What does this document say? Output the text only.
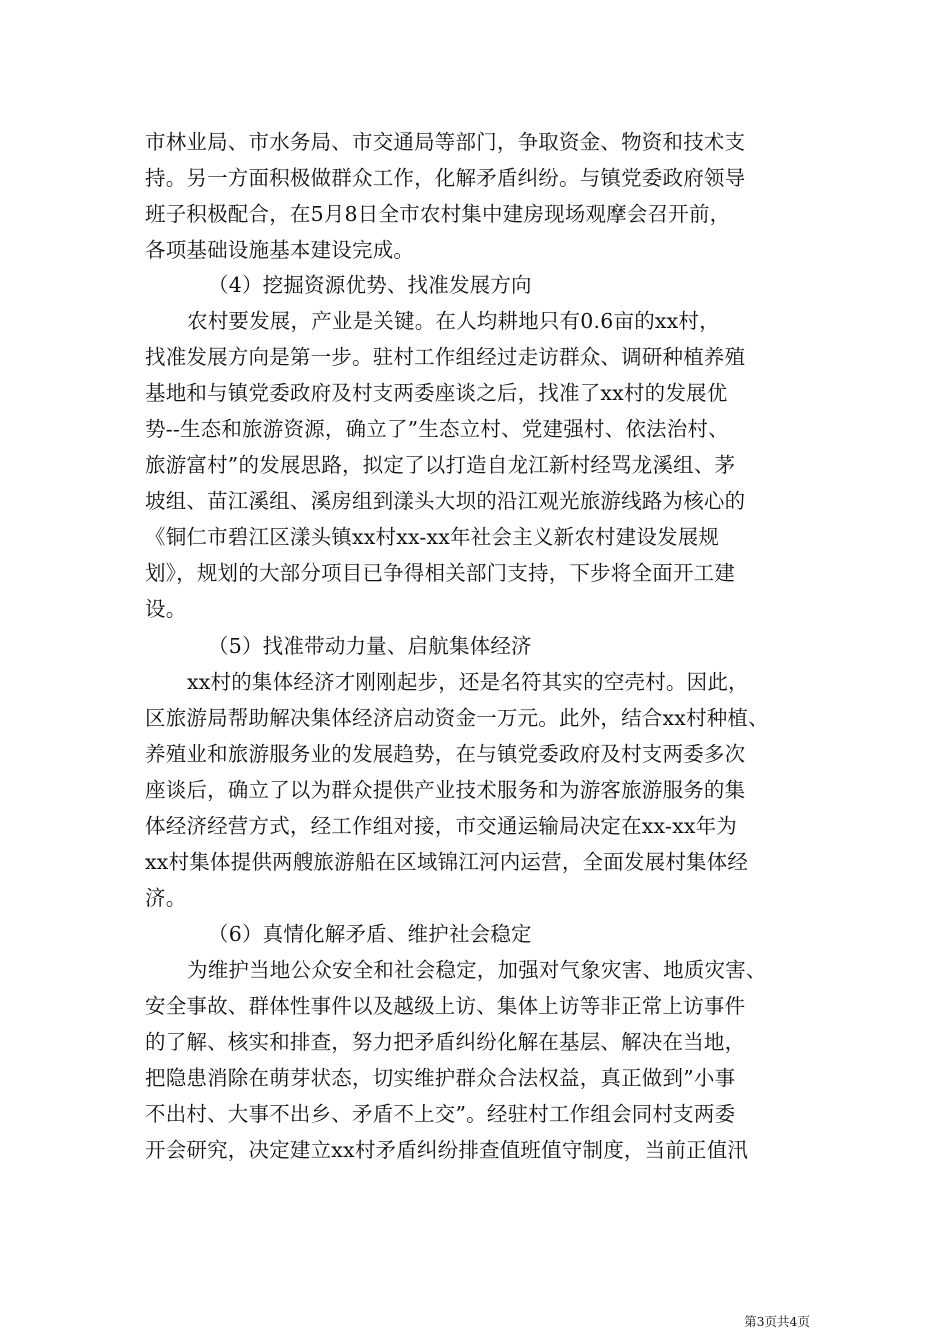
市林业局、市水务局、市交通局等部门，争取资金、物资和技术支
持。另一方面积极做群众工作，化解矛盾纠纷。与镇党委政府领导
班子积极配合，在5月8日全市农村集中建房现场观摩会召开前，
各项基础设施基本建设完成。
（4）挖掘资源优势、找准发展方向
农村要发展，产业是关键。在人均耕地只有0.6亩的xx村，
找准发展方向是第一步。驻村工作组经过走访群众、调研种植养殖
基地和与镇党委政府及村支两委座谈之后，找准了xx村的发展优
势--生态和旅游资源，确立了”生态立村、党建强村、依法治村、
旅游富村”的发展思路，拟定了以打造自龙江新村经骂龙溪组、茅
坡组、苗江溪组、溪房组到漾头大坝的沿江观光旅游线路为核心的
《铜仁市碧江区漾头镇xx村xx-xx年社会主义新农村建设发展规
划》，规划的大部分项目已争得相关部门支持，下步将全面开工建
设。
（5）找准带动力量、启航集体经济
xx村的集体经济才刚刚起步，还是名符其实的空壳村。因此，
区旅游局帮助解决集体经济启动资金一万元。此外，结合xx村种植、
养殖业和旅游服务业的发展趋势，在与镇党委政府及村支两委多次
座谈后，确立了以为群众提供产业技术服务和为游客旅游服务的集
体经济经营方式，经工作组对接，市交通运输局决定在xx-xx年为
xx村集体提供两艘旅游船在区域锦江河内运营，全面发展村集体经
济。
（6）真情化解矛盾、维护社会稳定
为维护当地公众安全和社会稳定，加强对气象灾害、地质灾害、
安全事故、群体性事件以及越级上访、集体上访等非正常上访事件
的了解、核实和排查，努力把矛盾纠纷化解在基层、解决在当地，
把隐患消除在萌芽状态，切实维护群众合法权益，真正做到”小事
不出村、大事不出乡、矛盾不上交”。经驻村工作组会同村支两委
开会研究，决定建立xx村矛盾纠纷排查值班值守制度，当前正值汛
第3页共4页
